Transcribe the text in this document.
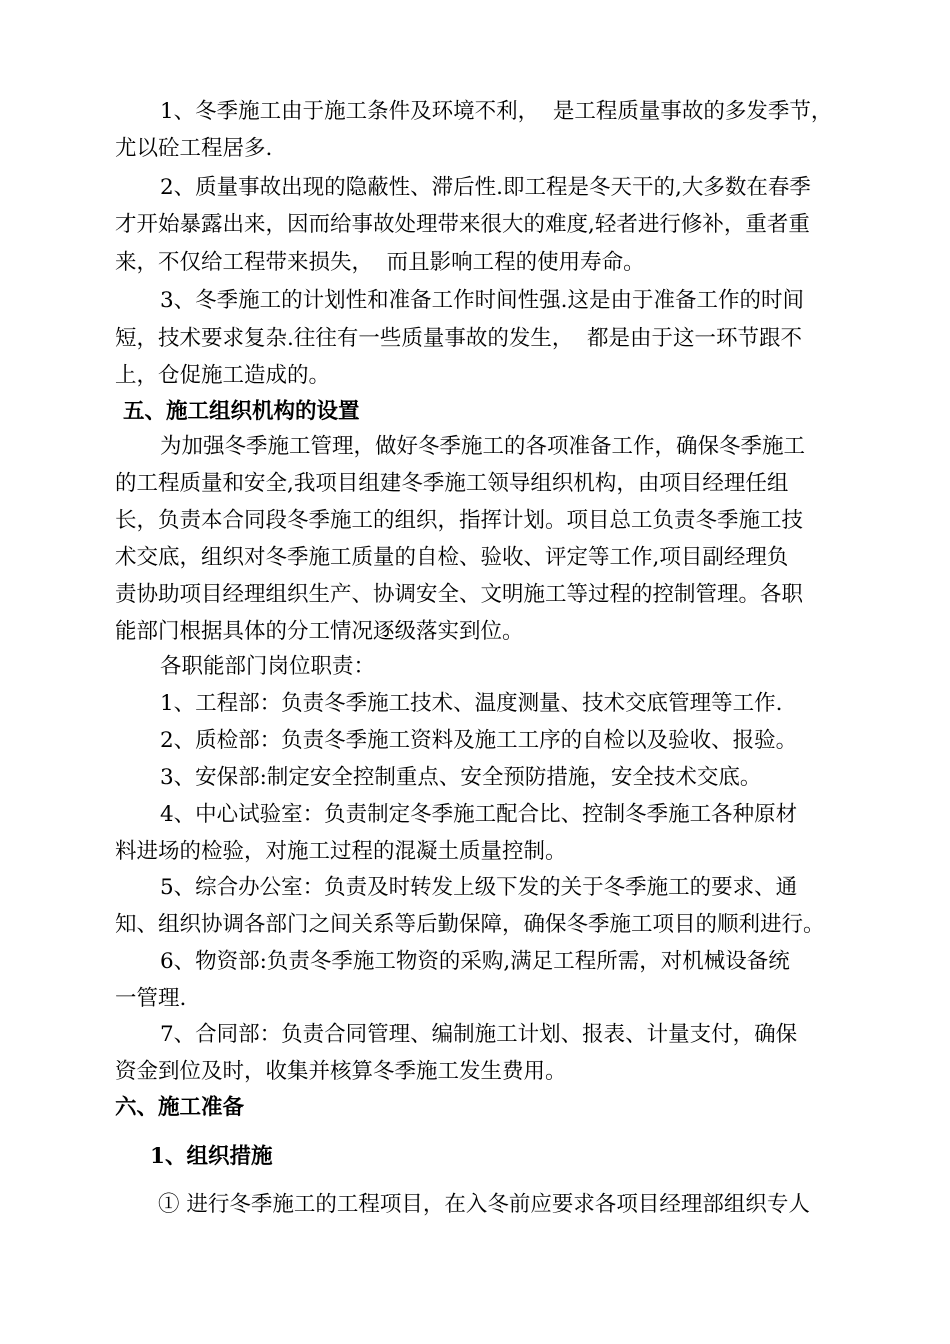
1、冬季施工由于施工条件及环境不利，  是工程质量事故的多发季节，
尤以砼工程居多.
2、质量事故出现的隐蔽性、滞后性.即工程是冬天干的,大多数在春季
才开始暴露出来，因而给事故处理带来很大的难度,轻者进行修补，重者重
来，不仅给工程带来损失，  而且影响工程的使用寿命。
3、冬季施工的计划性和准备工作时间性强.这是由于准备工作的时间
短，技术要求复杂.往往有一些质量事故的发生，  都是由于这一环节跟不
上，仓促施工造成的。
五、施工组织机构的设置
为加强冬季施工管理，做好冬季施工的各项准备工作，确保冬季施工
的工程质量和安全,我项目组建冬季施工领导组织机构，由项目经理任组
长，负责本合同段冬季施工的组织，指挥计划。项目总工负责冬季施工技
术交底，组织对冬季施工质量的自检、验收、评定等工作,项目副经理负
责协助项目经理组织生产、协调安全、文明施工等过程的控制管理。各职
能部门根据具体的分工情况逐级落实到位。
各职能部门岗位职责：
1、工程部：负责冬季施工技术、温度测量、技术交底管理等工作.
2、质检部：负责冬季施工资料及施工工序的自检以及验收、报验。
3、安保部:制定安全控制重点、安全预防措施，安全技术交底。
4、中心试验室：负责制定冬季施工配合比、控制冬季施工各种原材
料进场的检验，对施工过程的混凝土质量控制。
5、综合办公室：负责及时转发上级下发的关于冬季施工的要求、通
知、组织协调各部门之间关系等后勤保障，确保冬季施工项目的顺利进行。
6、物资部:负责冬季施工物资的采购,满足工程所需，对机械设备统
一管理.
7、合同部：负责合同管理、编制施工计划、报表、计量支付，确保
资金到位及时，收集并核算冬季施工发生费用。
六、施工准备
1、组织措施
① 进行冬季施工的工程项目，在入冬前应要求各项目经理部组织专人
